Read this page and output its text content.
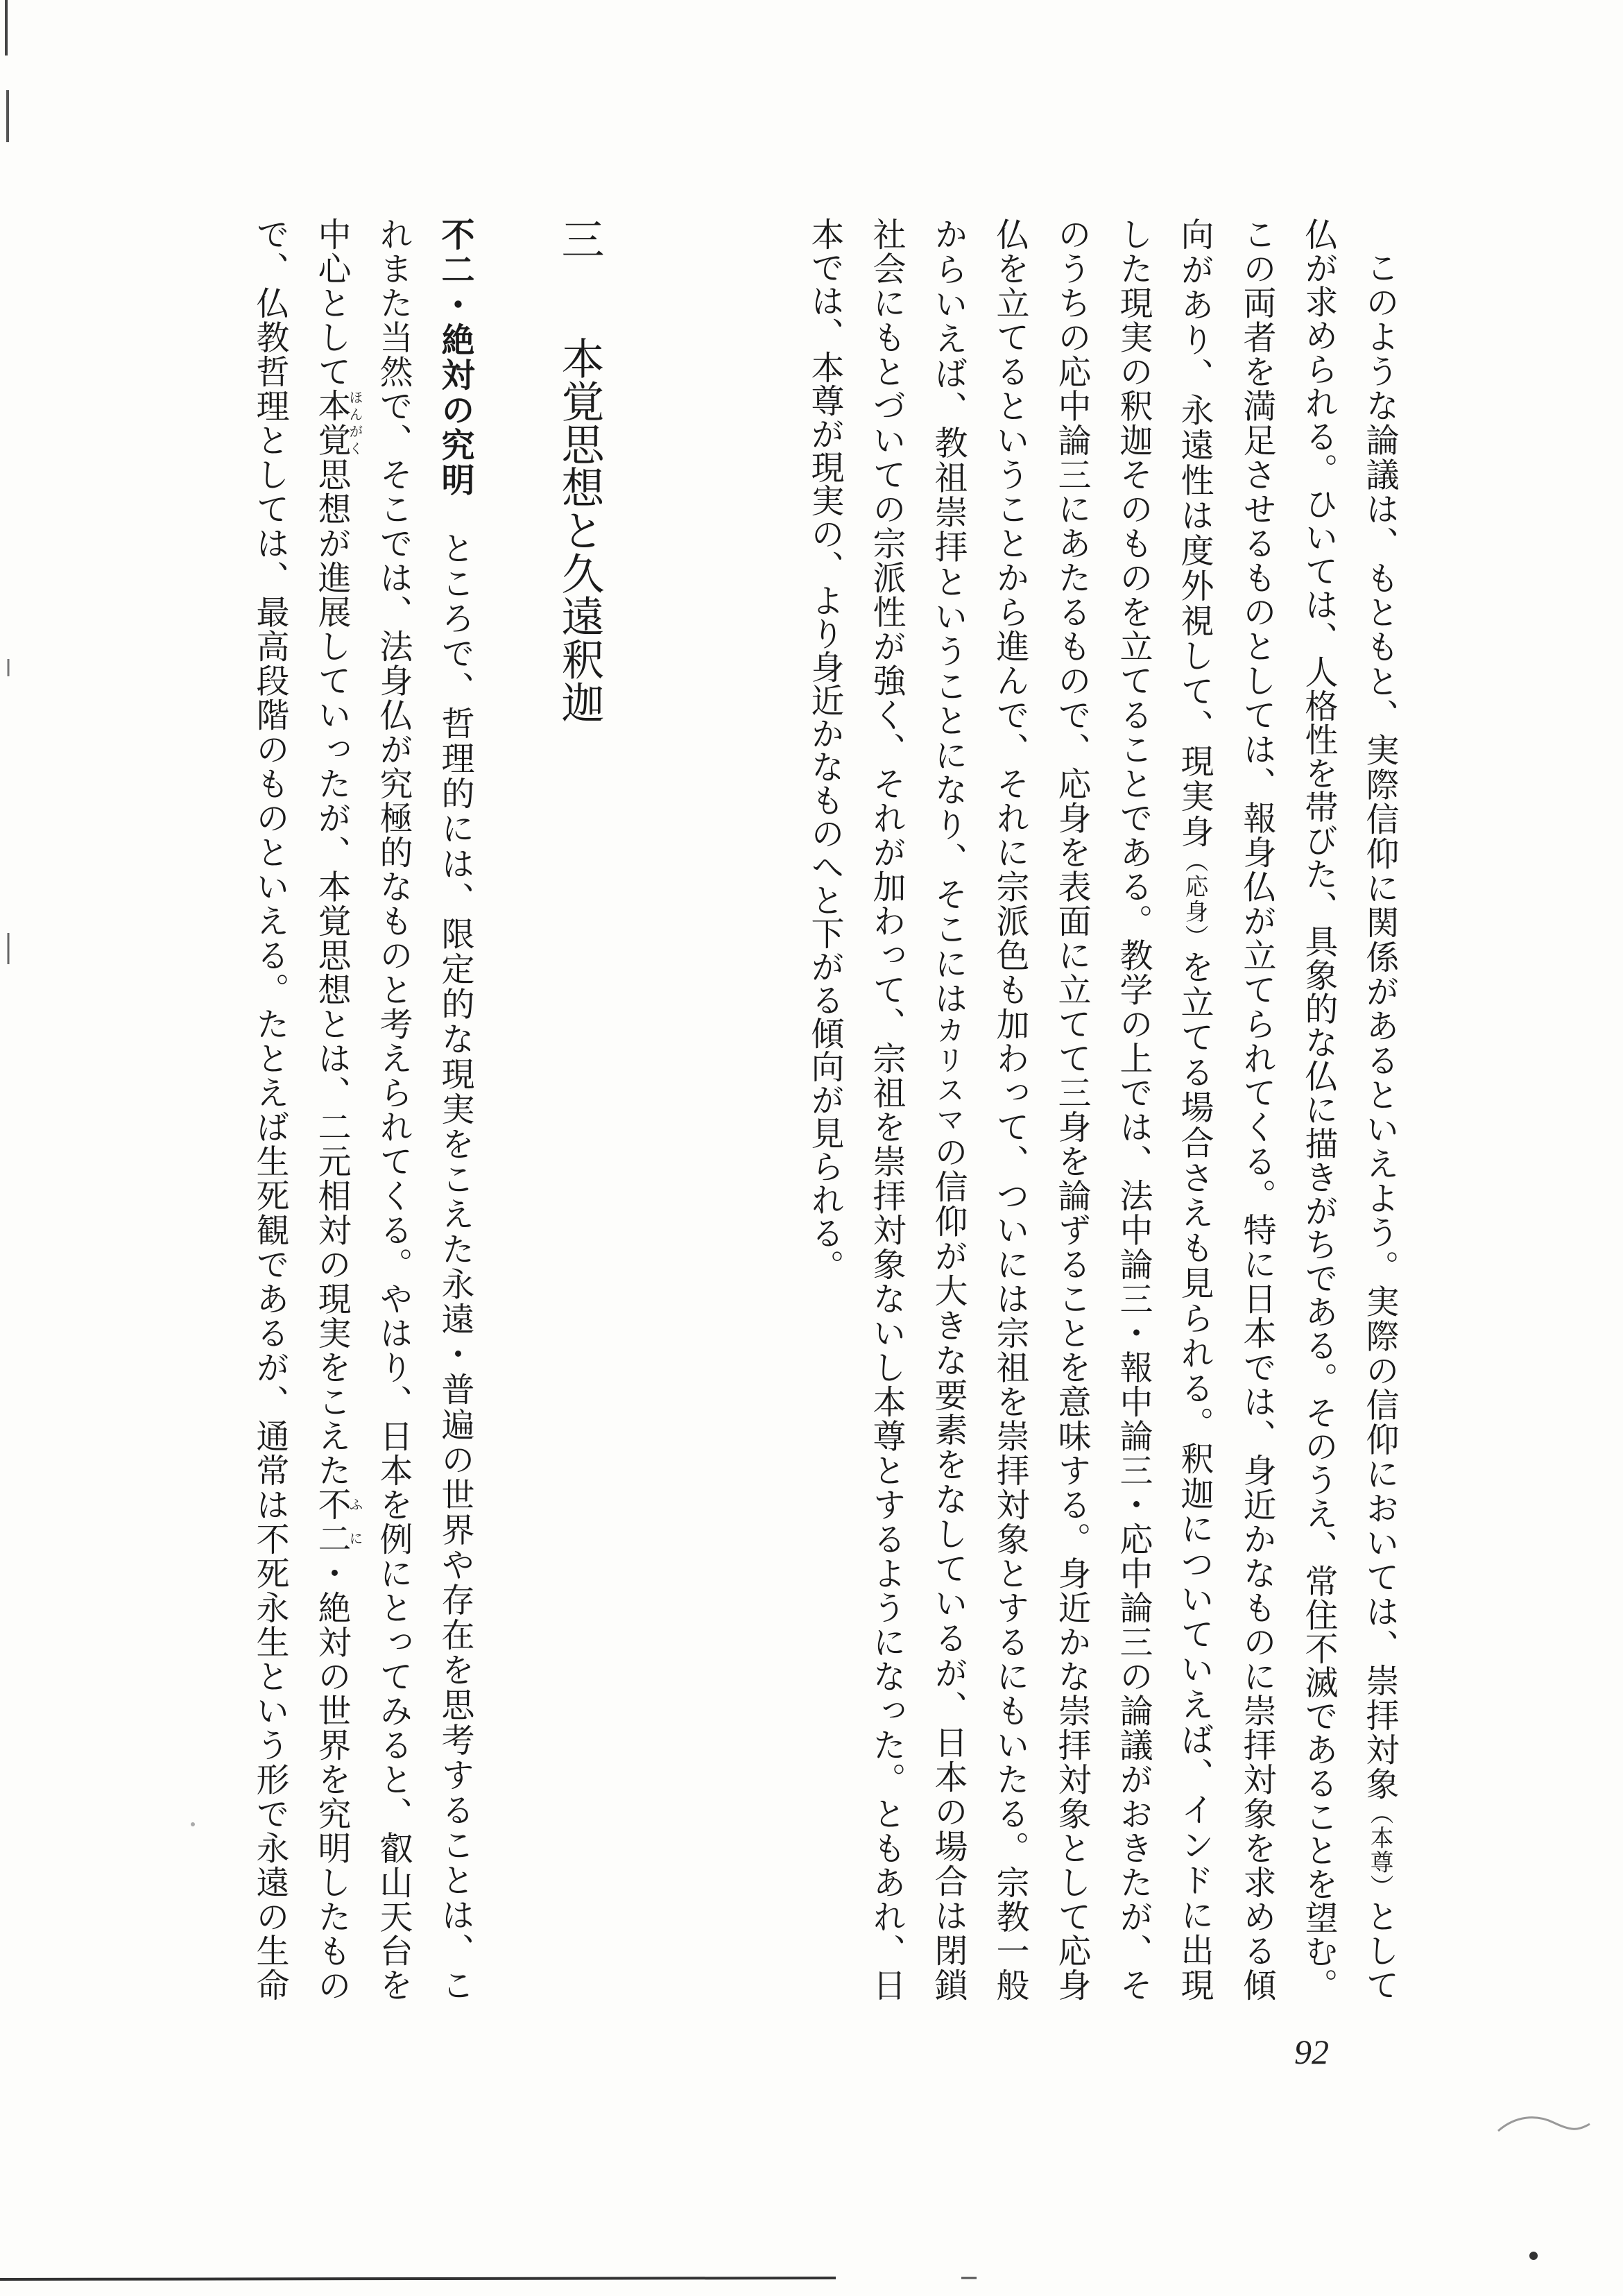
このような論議は、もともと、実際信仰に関係があるといえよう。実際の信仰においては、崇拝対象（本尊）として
仏が求められる。ひいては、人格性を帯びた、具象的な仏に描きがちである。そのうえ、常住不滅であることを望む。
この両者を満足させるものとしては、報身仏が立てられてくる。特に日本では、身近かなものに崇拝対象を求める傾
向があり、永遠性は度外視して、現実身（応身）を立てる場合さえも見られる。釈迦についていえば、インドに出現
した現実の釈迦そのものを立てることである。教学の上では、法中論三・報中論三・応中論三の論議がおきたが、そ
のうちの応中論三にあたるもので、応身を表面に立てて三身を論ずることを意味する。身近かな崇拝対象として応身
仏を立てるということから進んで、それに宗派色も加わって、ついには宗祖を崇拝対象とするにもいたる。宗教一般
からいえば、教祖崇拝ということになり、そこにはカリスマの信仰が大きな要素をなしているが、日本の場合は閉鎖
社会にもとづいての宗派性が強く、それが加わって、宗祖を崇拝対象ないし本尊とするようになった。ともあれ、日
本では、本尊が現実の、より身近かなものへと下がる傾向が見られる。
三本覚思想と久遠釈迦
不二・絶対の究明ところで、哲理的には、限定的な現実をこえた永遠・普遍の世界や存在を思考することは、こ
れまた当然で、そこでは、法身仏が究極的なものと考えられてくる。やはり、日本を例にとってみると、叡山天台を
中心として本覚ほんがく思想が進展していったが、本覚思想とは、二元相対の現実をこえた不二ふに・絶対の世界を究明したもの
で、仏教哲理としては、最高段階のものといえる。たとえば生死観であるが、通常は不死永生という形で永遠の生命
92
